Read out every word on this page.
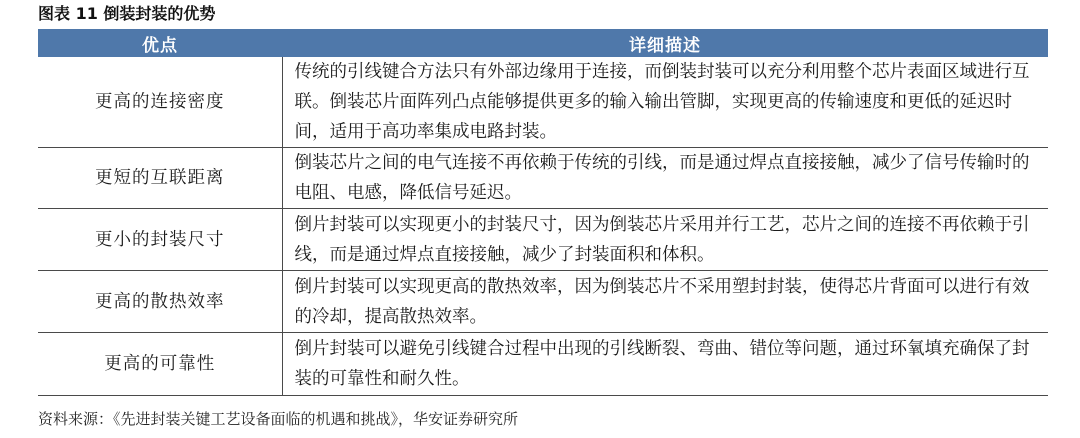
图表 11 倒装封装的优势
优点	详细描述
更高的连接密度	传统的引线键合方法只有外部边缘用于连接，而倒装封装可以充分利用整个芯片表面区域进行互联。倒装芯片面阵列凸点能够提供更多的输入输出管脚，实现更高的传输速度和更低的延迟时间，适用于高功率集成电路封装。
更短的互联距离	倒装芯片之间的电气连接不再依赖于传统的引线，而是通过焊点直接接触，减少了信号传输时的电阻、电感，降低信号延迟。
更小的封装尺寸	倒片封装可以实现更小的封装尺寸，因为倒装芯片采用并行工艺，芯片之间的连接不再依赖于引线，而是通过焊点直接接触，减少了封装面积和体积。
更高的散热效率	倒片封装可以实现更高的散热效率，因为倒装芯片不采用塑封封装，使得芯片背面可以进行有效的冷却，提高散热效率。
更高的可靠性	倒片封装可以避免引线键合过程中出现的引线断裂、弯曲、错位等问题，通过环氧填充确保了封装的可靠性和耐久性。
资料来源：《先进封装关键工艺设备面临的机遇和挑战》，华安证券研究所
